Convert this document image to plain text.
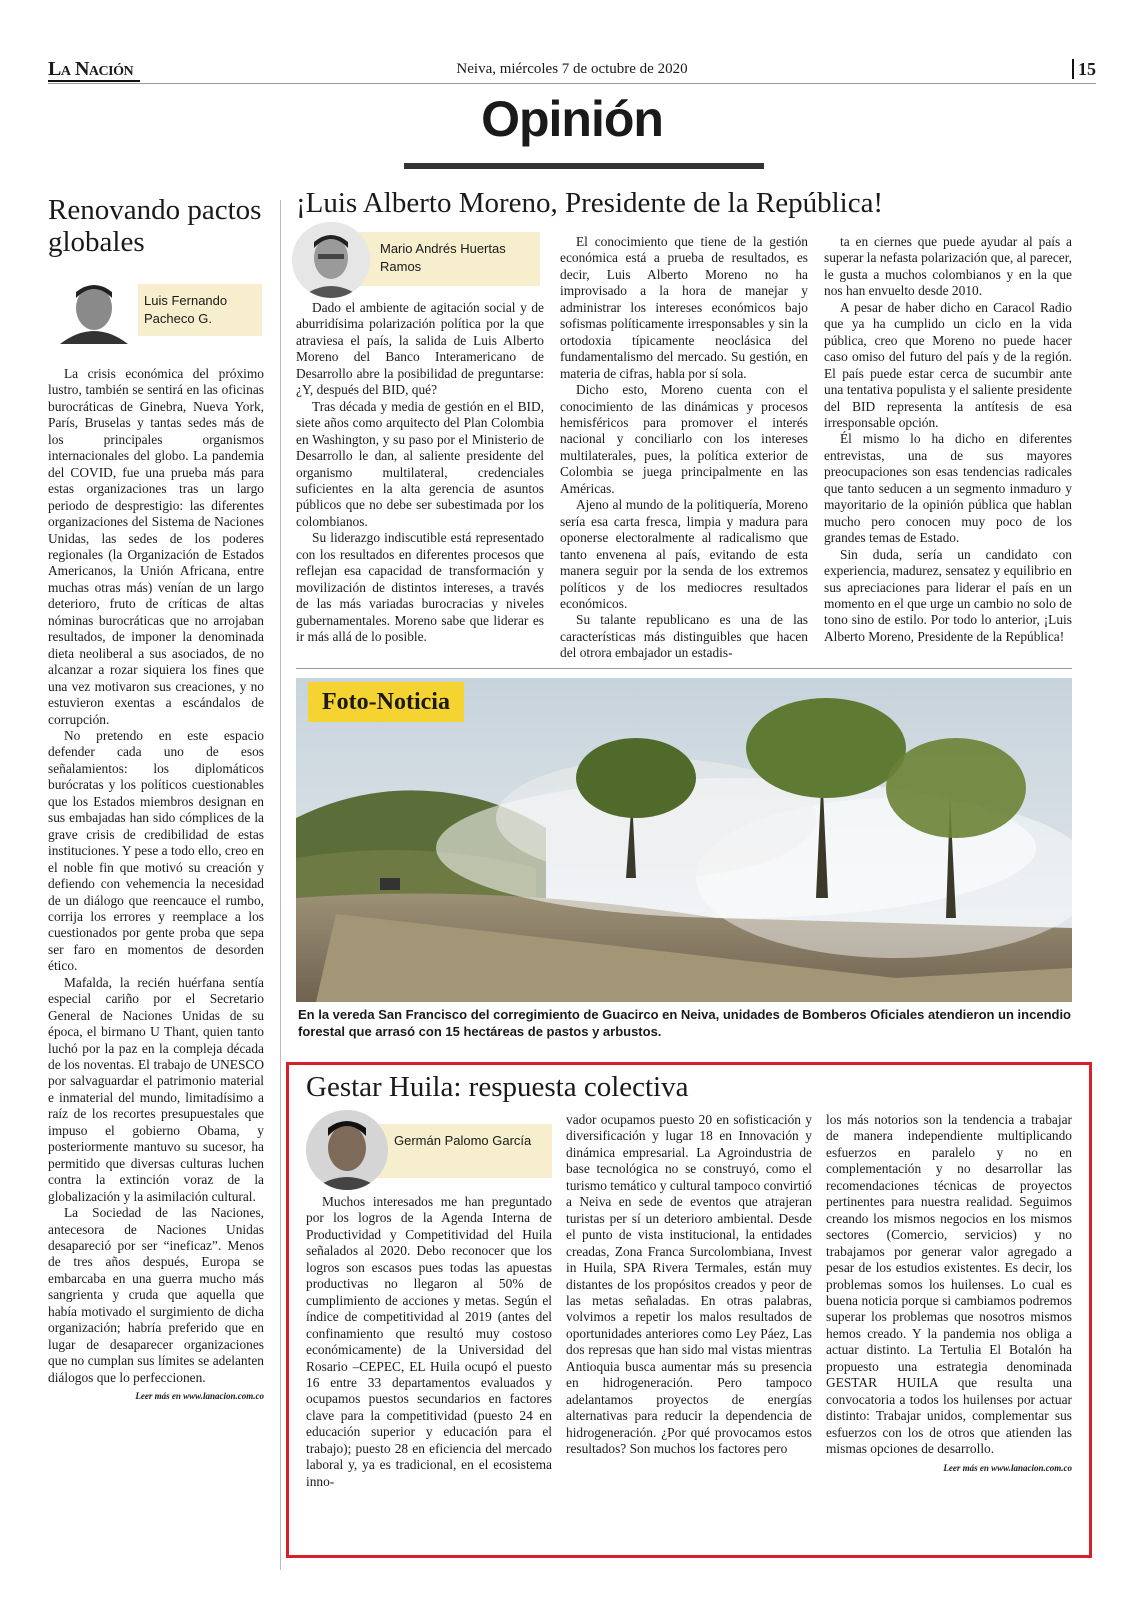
La Nación	Neiva, miércoles 7 de octubre de 2020	15
Opinión
Renovando pactos globales
Luis Fernando Pacheco G.

La crisis económica del próximo lustro, también se sentirá en las oficinas burocráticas de Ginebra, Nueva York, París, Bruselas y tantas sedes más de los principales organismos internacionales del globo. La pandemia del COVID, fue una prueba más para estas organizaciones tras un largo periodo de desprestigio: las diferentes organizaciones del Sistema de Naciones Unidas, las sedes de los poderes regionales (la Organización de Estados Americanos, la Unión Africana, entre muchas otras más) venían de un largo deterioro, fruto de críticas de altas nóminas burocráticas que no arrojaban resultados, de imponer la denominada dieta neoliberal a sus asociados, de no alcanzar a rozar siquiera los fines que una vez motivaron sus creaciones, y no estuvieron exentas a escándalos de corrupción.

No pretendo en este espacio defender cada uno de esos señalamientos: los diplomáticos burócratas y los políticos cuestionables que los Estados miembros designan en sus embajadas han sido cómplices de la grave crisis de credibilidad de estas instituciones. Y pese a todo ello, creo en el noble fin que motivó su creación y defiendo con vehemencia la necesidad de un diálogo que reencauce el rumbo, corrija los errores y reemplace a los cuestionados por gente proba que sepa ser faro en momentos de desorden ético.

Mafalda, la recién huérfana sentía especial cariño por el Secretario General de Naciones Unidas de su época, el birmano U Thant, quien tanto luchó por la paz en la compleja década de los noventas. El trabajo de UNESCO por salvaguardar el patrimonio material e inmaterial del mundo, limitadísimo a raíz de los recortes presupuestales que impuso el gobierno Obama, y posteriormente mantuvo su sucesor, ha permitido que diversas culturas luchen contra la extinción voraz de la globalización y la asimilación cultural.

La Sociedad de las Naciones, antecesora de Naciones Unidas desapareció por ser “ineficaz”. Menos de tres años después, Europa se embarcaba en una guerra mucho más sangrienta y cruda que aquella que había motivado el surgimiento de dicha organización; habría preferido que en lugar de desaparecer organizaciones que no cumplan sus límites se adelanten diálogos que lo perfeccionen.

Leer más en www.lanacion.com.co
¡Luis Alberto Moreno, Presidente de la República!
Mario Andrés Huertas Ramos

Dado el ambiente de agitación social y de aburridísima polarización política por la que atraviesa el país, la salida de Luis Alberto Moreno del Banco Interamericano de Desarrollo abre la posibilidad de preguntarse: ¿Y, después del BID, qué?

Tras década y media de gestión en el BID, siete años como arquitecto del Plan Colombia en Washington, y su paso por el Ministerio de Desarrollo le dan, al saliente presidente del organismo multilateral, credenciales suficientes en la alta gerencia de asuntos públicos que no debe ser subestimada por los colombianos.

Su liderazgo indiscutible está representado con los resultados en diferentes procesos que reflejan esa capacidad de transformación y movilización de distintos intereses, a través de las más variadas burocracias y niveles gubernamentales. Moreno sabe que liderar es ir más allá de lo posible.

El conocimiento que tiene de la gestión económica está a prueba de resultados, es decir, Luis Alberto Moreno no ha improvisado a la hora de manejar y administrar los intereses económicos bajo sofismas políticamente irresponsables y sin la ortodoxia típicamente neoclásica del fundamentalismo del mercado. Su gestión, en materia de cifras, habla por sí sola.

Dicho esto, Moreno cuenta con el conocimiento de las dinámicas y procesos hemisféricos para promover el interés nacional y conciliarlo con los intereses multilaterales, pues, la política exterior de Colombia se juega principalmente en las Américas.

Ajeno al mundo de la politiquería, Moreno sería esa carta fresca, limpia y madura para oponerse electoralmente al radicalismo que tanto envenena al país, evitando de esta manera seguir por la senda de los extremos políticos y de los mediocres resultados económicos.

Su talante republicano es una de las características más distinguibles que hacen del otrora embajador un estadis-

ta en ciernes que puede ayudar al país a superar la nefasta polarización que, al parecer, le gusta a muchos colombianos y en la que nos han envuelto desde 2010.

A pesar de haber dicho en Caracol Radio que ya ha cumplido un ciclo en la vida pública, creo que Moreno no puede hacer caso omiso del futuro del país y de la región. El país puede estar cerca de sucumbir ante una tentativa populista y el saliente presidente del BID representa la antítesis de esa irresponsable opción.

Él mismo lo ha dicho en diferentes entrevistas, una de sus mayores preocupaciones son esas tendencias radicales que tanto seducen a un segmento inmaduro y mayoritario de la opinión pública que hablan mucho pero conocen muy poco de los grandes temas de Estado.

Sin duda, sería un candidato con experiencia, madurez, sensatez y equilibrio en sus apreciaciones para liderar el país en un momento en el que urge un cambio no solo de tono sino de estilo. Por todo lo anterior, ¡Luis Alberto Moreno, Presidente de la República!

Foto-Noticia
En la vereda San Francisco del corregimiento de Guacirco en Neiva, unidades de Bomberos Oficiales atendieron un incendio forestal que arrasó con 15 hectáreas de pastos y arbustos.
Gestar Huila: respuesta colectiva
Germán Palomo García

Muchos interesados me han preguntado por los logros de la Agenda Interna de Productividad y Competitividad del Huila señalados al 2020. Debo reconocer que los logros son escasos pues todas las apuestas productivas no llegaron al 50% de cumplimiento de acciones y metas. Según el índice de competitividad al 2019 (antes del confinamiento que resultó muy costoso económicamente) de la Universidad del Rosario –CEPEC, EL Huila ocupó el puesto 16 entre 33 departamentos evaluados y ocupamos puestos secundarios en factores clave para la competitividad (puesto 24 en educación superior y educación para el trabajo); puesto 28 en eficiencia del mercado laboral y, ya es tradicional, en el ecosistema inno-

vador ocupamos puesto 20 en sofisticación y diversificación y lugar 18 en Innovación y dinámica empresarial. La Agroindustria de base tecnológica no se construyó, como el turismo temático y cultural tampoco convirtió a Neiva en sede de eventos que atrajeran turistas per sí un deterioro ambiental. Desde el punto de vista institucional, la entidades creadas, Zona Franca Surcolombiana, Invest in Huila, SPA Rivera Termales, están muy distantes de los propósitos creados y peor de las metas señaladas. En otras palabras, volvimos a repetir los malos resultados de oportunidades anteriores como Ley Páez, Las dos represas que han sido mal vistas mientras Antioquia busca aumentar más su presencia en hidrogeneración. Pero tampoco adelantamos proyectos de energías alternativas para reducir la dependencia de hidrogeneración. ¿Por qué provocamos estos resultados? Son muchos los factores pero

los más notorios son la tendencia a trabajar de manera independiente multiplicando esfuerzos en paralelo y no en complementación y no desarrollar las recomendaciones técnicas de proyectos pertinentes para nuestra realidad. Seguimos creando los mismos negocios en los mismos sectores (Comercio, servicios) y no trabajamos por generar valor agregado a pesar de los estudios existentes. Es decir, los problemas somos los huilenses. Lo cual es buena noticia porque si cambiamos podremos superar los problemas que nosotros mismos hemos creado. Y la pandemia nos obliga a actuar distinto. La Tertulia El Botalón ha propuesto una estrategia denominada GESTAR HUILA que resulta una convocatoria a todos los huilenses por actuar distinto: Trabajar unidos, complementar sus esfuerzos con los de otros que atienden las mismas opciones de desarrollo.

Leer más en www.lanacion.com.co
